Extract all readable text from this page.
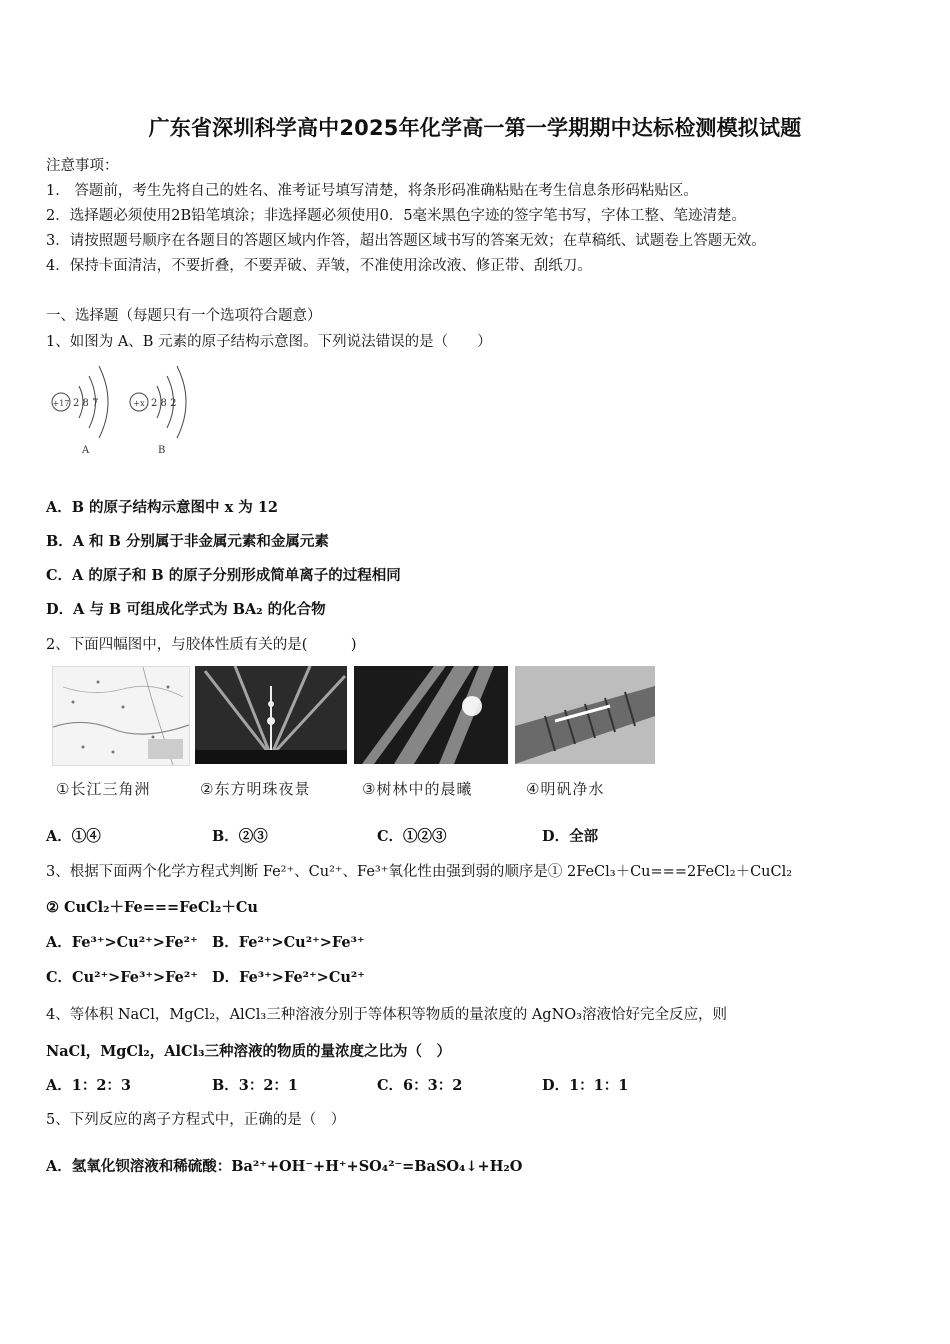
广东省深圳科学高中2025年化学高一第一学期期中达标检测模拟试题
注意事项：
1． 答题前，考生先将自己的姓名、准考证号填写清楚，将条形码准确粘贴在考生信息条形码粘贴区。
2．选择题必须使用2B铅笔填涂；非选择题必须使用0．5毫米黑色字迹的签字笔书写，字体工整、笔迹清楚。
3．请按照题号顺序在各题目的答题区域内作答，超出答题区域书写的答案无效；在草稿纸、试题卷上答题无效。
4．保持卡面清洁，不要折叠，不要弄破、弄皱，不准使用涂改液、修正带、刮纸刀。
一、选择题（每题只有一个选项符合题意）
1、如图为 A、B 元素的原子结构示意图。下列说法错误的是（　　）
+17 2 8 7
A
+x 2 8 2
B
A．B 的原子结构示意图中 x 为 12
B．A 和 B 分别属于非金属元素和金属元素
C．A 的原子和 B 的原子分别形成简单离子的过程相同
D．A 与 B 可组成化学式为 BA₂ 的化合物
2、下面四幅图中，与胶体性质有关的是(　　　)
①长江三角洲	②东方明珠夜景	③树林中的晨曦	④明矾净水
A．①④	B．②③	C．①②③	D．全部
3、根据下面两个化学方程式判断 Fe²⁺、Cu²⁺、Fe³⁺氧化性由强到弱的顺序是① 2FeCl₃＋Cu===2FeCl₂＋CuCl₂
② CuCl₂＋Fe===FeCl₂＋Cu
A．Fe³⁺>Cu²⁺>Fe²⁺ B．Fe²⁺>Cu²⁺>Fe³⁺
C．Cu²⁺>Fe³⁺>Fe²⁺ D．Fe³⁺>Fe²⁺>Cu²⁺
4、等体积 NaCl，MgCl₂，AlCl₃三种溶液分别于等体积等物质的量浓度的 AgNO₃溶液恰好完全反应，则
NaCl，MgCl₂，AlCl₃三种溶液的物质的量浓度之比为（　）
A．1：2：3	B．3：2：1	C．6：3：2	D．1：1：1
5、下列反应的离子方程式中，正确的是（　）
A．氢氧化钡溶液和稀硫酸：Ba²⁺+OH⁻+H⁺+SO₄²⁻=BaSO₄↓+H₂O
